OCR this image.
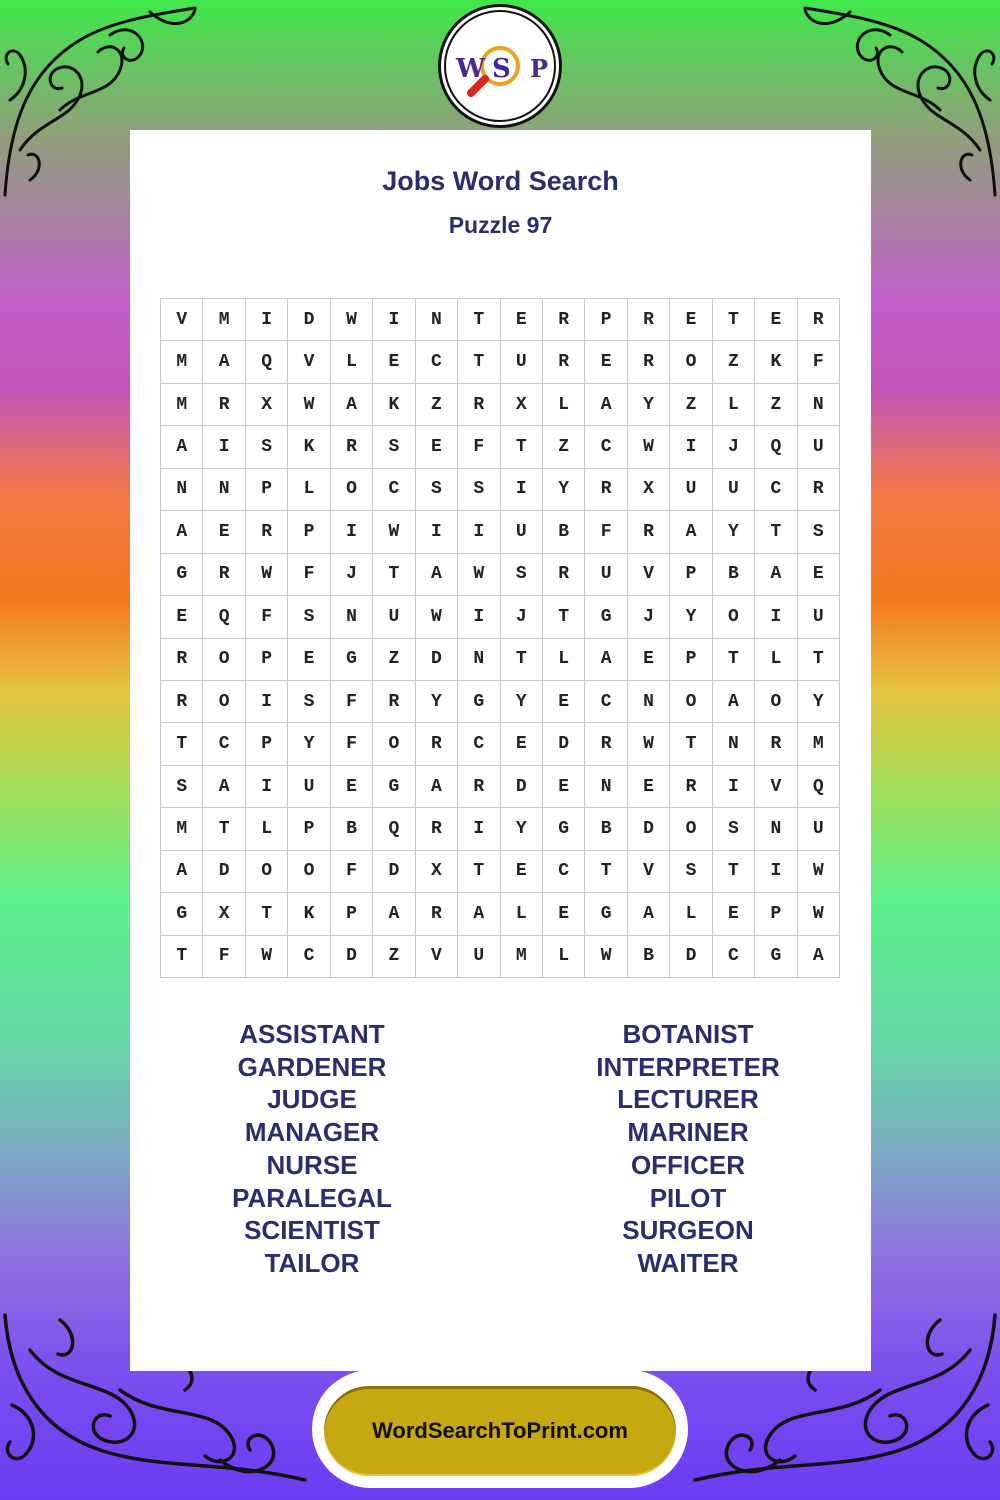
W S P
Jobs Word Search
Puzzle 97
V	M	I	D	W	I	N	T	E	R	P	R	E	T	E	R
M	A	Q	V	L	E	C	T	U	R	E	R	O	Z	K	F
M	R	X	W	A	K	Z	R	X	L	A	Y	Z	L	Z	N
A	I	S	K	R	S	E	F	T	Z	C	W	I	J	Q	U
N	N	P	L	O	C	S	S	I	Y	R	X	U	U	C	R
A	E	R	P	I	W	I	I	U	B	F	R	A	Y	T	S
G	R	W	F	J	T	A	W	S	R	U	V	P	B	A	E
E	Q	F	S	N	U	W	I	J	T	G	J	Y	O	I	U
R	O	P	E	G	Z	D	N	T	L	A	E	P	T	L	T
R	O	I	S	F	R	Y	G	Y	E	C	N	O	A	O	Y
T	C	P	Y	F	O	R	C	E	D	R	W	T	N	R	M
S	A	I	U	E	G	A	R	D	E	N	E	R	I	V	Q
M	T	L	P	B	Q	R	I	Y	G	B	D	O	S	N	U
A	D	O	O	F	D	X	T	E	C	T	V	S	T	I	W
G	X	T	K	P	A	R	A	L	E	G	A	L	E	P	W
T	F	W	C	D	Z	V	U	M	L	W	B	D	C	G	A
ASSISTANT
GARDENER
JUDGE
MANAGER
NURSE
PARALEGAL
SCIENTIST
TAILOR
BOTANIST
INTERPRETER
LECTURER
MARINER
OFFICER
PILOT
SURGEON
WAITER
WordSearchToPrint.com
